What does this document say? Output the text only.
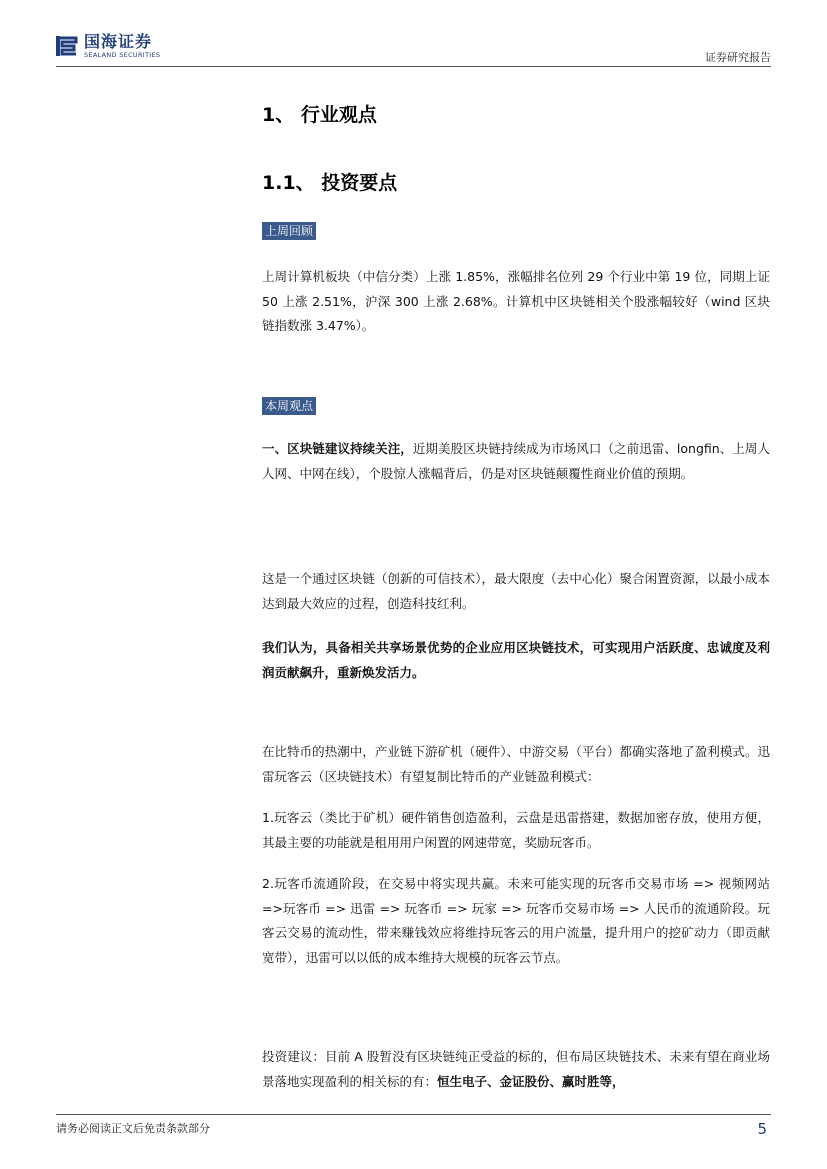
国海证券
SEALAND SECURITIES	证券研究报告
1、 行业观点
1.1、 投资要点
上周回顾
上周计算机板块（中信分类）上涨 1.85%，涨幅排名位列 29 个行业中第 19 位，同期上证 50 上涨 2.51%，沪深 300 上涨 2.68%。计算机中区块链相关个股涨幅较好（wind 区块链指数涨 3.47%）。
本周观点
一、区块链建议持续关注，近期美股区块链持续成为市场风口（之前迅雷、longfin、上周人人网、中网在线），个股惊人涨幅背后，仍是对区块链颠覆性商业价值的预期。
这是一个通过区块链（创新的可信技术），最大限度（去中心化）聚合闲置资源，以最小成本达到最大效应的过程，创造科技红利。
我们认为，具备相关共享场景优势的企业应用区块链技术，可实现用户活跃度、忠诚度及利润贡献飙升，重新焕发活力。
在比特币的热潮中，产业链下游矿机（硬件）、中游交易（平台）都确实落地了盈利模式。迅雷玩客云（区块链技术）有望复制比特币的产业链盈利模式：
1.玩客云（类比于矿机）硬件销售创造盈利，云盘是迅雷搭建，数据加密存放，使用方便，其最主要的功能就是租用用户闲置的网速带宽，奖励玩客币。
2.玩客币流通阶段，在交易中将实现共赢。未来可能实现的玩客币交易市场 => 视频网站 =>玩客币 => 迅雷 => 玩客币 => 玩家 => 玩客币交易市场 => 人民币的流通阶段。玩客云交易的流动性，带来赚钱效应将维持玩客云的用户流量，提升用户的挖矿动力（即贡献宽带），迅雷可以以低的成本维持大规模的玩客云节点。
投资建议：目前 A 股暂没有区块链纯正受益的标的，但布局区块链技术、未来有望在商业场景落地实现盈利的相关标的有：恒生电子、金证股份、赢时胜等，
请务必阅读正文后免责条款部分	5
